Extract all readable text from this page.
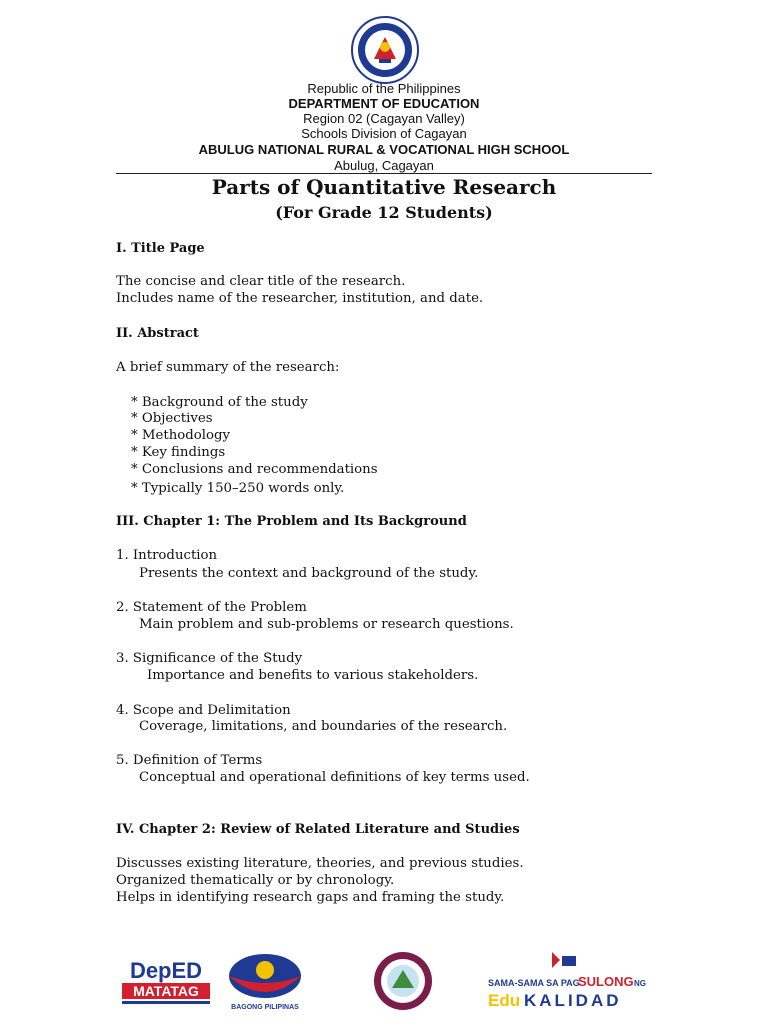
Republic of the Philippines
DEPARTMENT OF EDUCATION
Region 02 (Cagayan Valley)
Schools Division of Cagayan
ABULUG NATIONAL RURAL & VOCATIONAL HIGH SCHOOL
Abulug, Cagayan
Parts of Quantitative Research
(For Grade 12 Students)
I. Title Page
The concise and clear title of the research.
Includes name of the researcher, institution, and date.
II. Abstract
A brief summary of the research:
* Background of the study
* Objectives
* Methodology
* Key findings
* Conclusions and recommendations
* Typically 150–250 words only.
III. Chapter 1: The Problem and Its Background
1. Introduction
Presents the context and background of the study.
2. Statement of the Problem
Main problem and sub-problems or research questions.
3. Significance of the Study
Importance and benefits to various stakeholders.
4. Scope and Delimitation
Coverage, limitations, and boundaries of the research.
5. Definition of Terms
Conceptual and operational definitions of key terms used.
IV. Chapter 2: Review of Related Literature and Studies
Discusses existing literature, theories, and previous studies.
Organized thematically or by chronology.
Helps in identifying research gaps and framing the study.
DepED
MATATAG
BAGONG PILIPINAS
SAMA-SAMA SA PAG
SULONG NG
Edu KALIDAD
